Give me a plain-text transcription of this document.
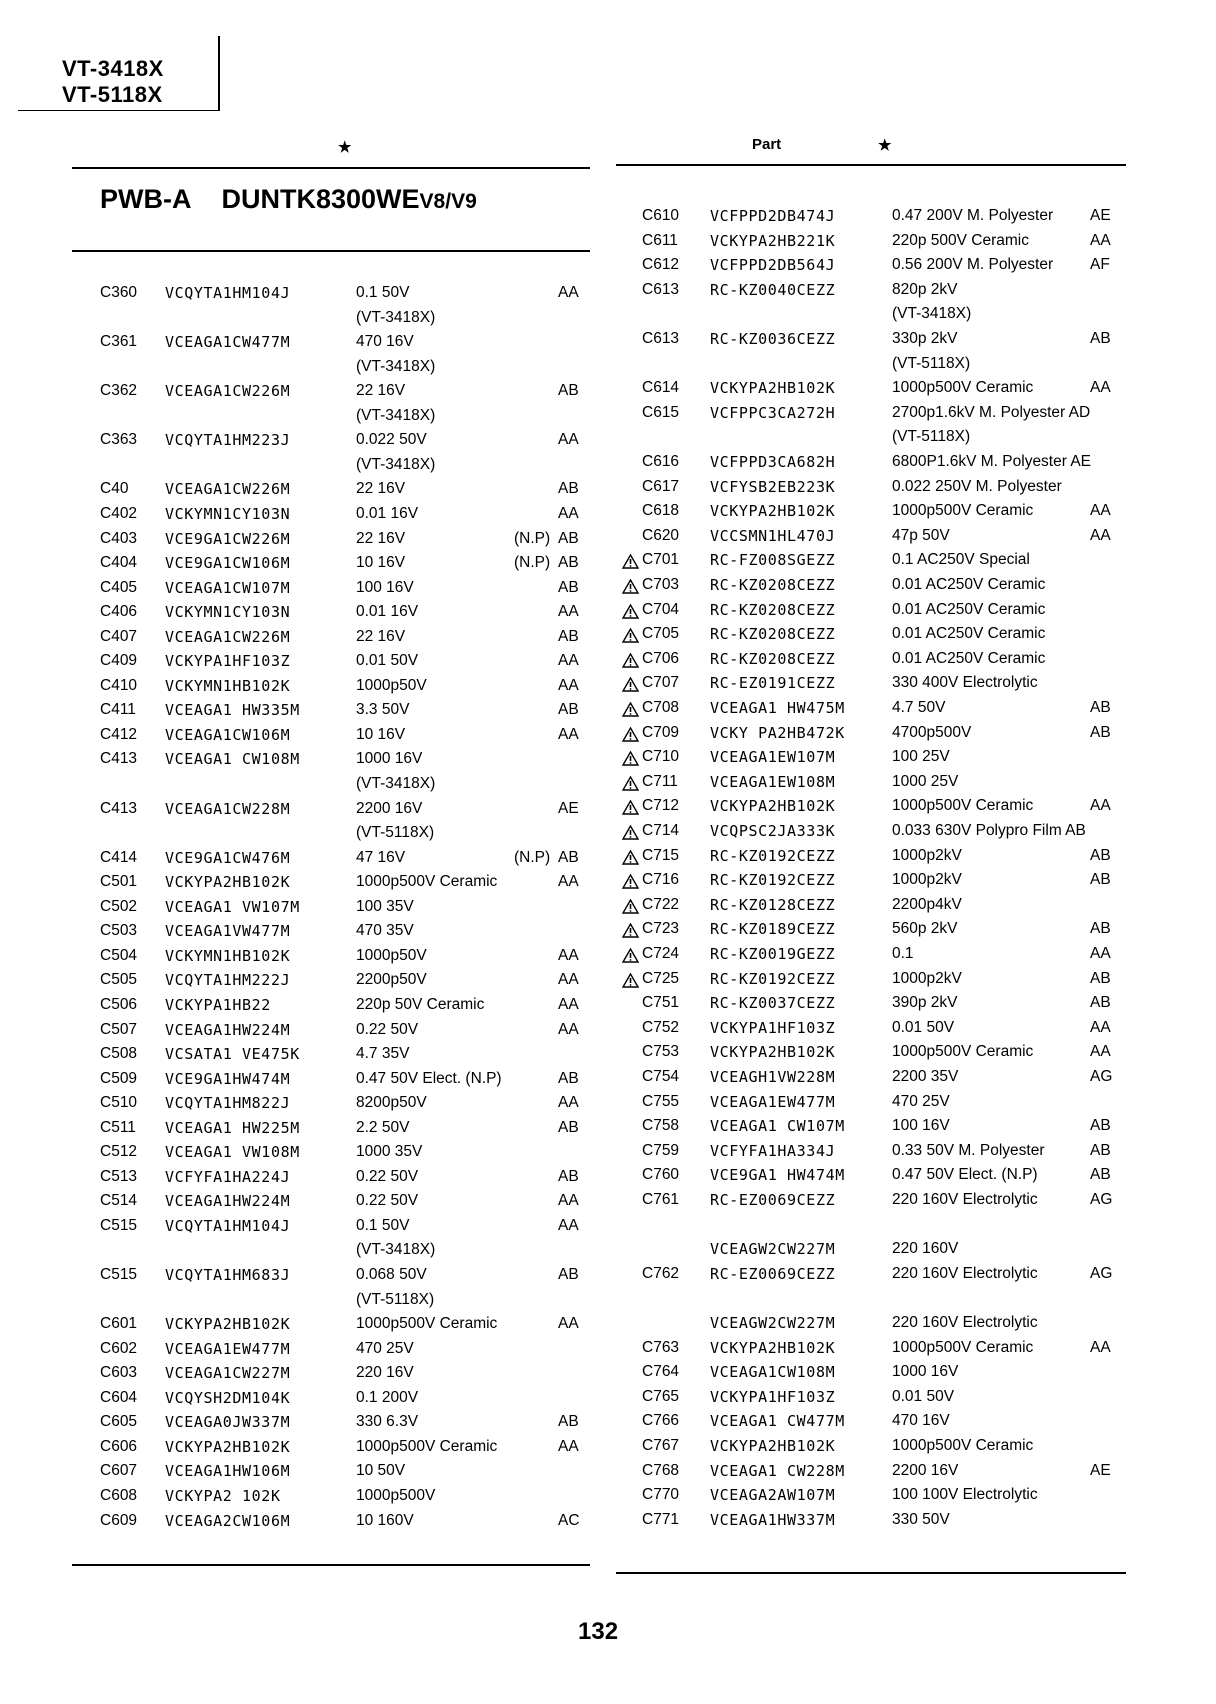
VT-3418X
VT-5118X
★	Part	★
PWB-A DUNTK8300WEV8/V9
C360 VCQYTA1HM104J	0.1 50V	AA
(VT-3418X)
C361 VCEAGA1CW477M	470 16V
(VT-3418X)
C362 VCEAGA1CW226M	22 16V	AB
(VT-3418X)
C363 VCQYTA1HM223J	0.022 50V	AA
(VT-3418X)
C40 VCEAGA1CW226M	22 16V	AB
C402 VCKYMN1CY103N	0.01 16V	AA
C403 VCE9GA1CW226M	22 16V	(N.P) AB
C404 VCE9GA1CW106M	10 16V	(N.P) AB
C405 VCEAGA1CW107M	100 16V	AB
C406 VCKYMN1CY103N	0.01 16V	AA
C407 VCEAGA1CW226M	22 16V	AB
C409 VCKYPA1HF103Z	0.01 50V	AA
C410 VCKYMN1HB102K	1000p50V	AA
C411 VCEAGA1 HW335M	3.3 50V	AB
C412 VCEAGA1CW106M	10 16V	AA
C413 VCEAGA1 CW108M	1000 16V
(VT-3418X)
C413 VCEAGA1CW228M	2200 16V	AE
(VT-5118X)
C414 VCE9GA1CW476M	47 16V	(N.P) AB
C501 VCKYPA2HB102K	1000p500V Ceramic	AA
C502 VCEAGA1 VW107M	100 35V
C503 VCEAGA1VW477M	470 35V
C504 VCKYMN1HB102K	1000p50V	AA
C505 VCQYTA1HM222J	2200p50V	AA
C506 VCKYPA1HB22	220p 50V Ceramic	AA
C507 VCEAGA1HW224M	0.22 50V	AA
C508 VCSATA1 VE475K	4.7 35V
C509 VCE9GA1HW474M	0.47 50V Elect. (N.P)	AB
C510 VCQYTA1HM822J	8200p50V	AA
C511 VCEAGA1 HW225M	2.2 50V	AB
C512 VCEAGA1 VW108M	1000 35V
C513 VCFYFA1HA224J	0.22 50V	AB
C514 VCEAGA1HW224M	0.22 50V	AA
C515 VCQYTA1HM104J	0.1 50V	AA
(VT-3418X)
C515 VCQYTA1HM683J	0.068 50V	AB
(VT-5118X)
C601 VCKYPA2HB102K	1000p500V Ceramic	AA
C602 VCEAGA1EW477M	470 25V
C603 VCEAGA1CW227M	220 16V
C604 VCQYSH2DM104K	0.1 200V
C605 VCEAGA0JW337M	330 6.3V	AB
C606 VCKYPA2HB102K	1000p500V Ceramic	AA
C607 VCEAGA1HW106M	10 50V
C608 VCKYPA2 102K	1000p500V
C609 VCEAGA2CW106M	10 160V	AC
C610 VCFPPD2DB474J	0.47 200V M. Polyester AE
C611 VCKYPA2HB221K	220p 500V Ceramic	AA
C612 VCFPPD2DB564J	0.56 200V M. Polyester AF
C613 RC-KZ0040CEZZ	820p 2kV
(VT-3418X)
C613 RC-KZ0036CEZZ	330p 2kV	AB
(VT-5118X)
C614 VCKYPA2HB102K	1000p500V Ceramic	AA
C615 VCFPPC3CA272H	2700p1.6kV M. Polyester AD
(VT-5118X)
C616 VCFPPD3CA682H	6800P1.6kV M. Polyester AE
C617 VCFYSB2EB223K	0.022 250V M. Polyester
C618 VCKYPA2HB102K	1000p500V Ceramic	AA
C620 VCCSMN1HL470J	47p 50V	AA
C701 RC-FZ008SGEZZ	0.1 AC250V Special
C703 RC-KZ0208CEZZ	0.01 AC250V Ceramic
C704 RC-KZ0208CEZZ	0.01 AC250V Ceramic
C705 RC-KZ0208CEZZ	0.01 AC250V Ceramic
C706 RC-KZ0208CEZZ	0.01 AC250V Ceramic
C707 RC-EZ0191CEZZ	330 400V Electrolytic
C708 VCEAGA1 HW475M	4.7 50V	AB
C709 VCKY PA2HB472K	4700p500V	AB
C710 VCEAGA1EW107M	100 25V
C711 VCEAGA1EW108M	1000 25V
C712 VCKYPA2HB102K	1000p500V Ceramic	AA
C714 VCQPSC2JA333K	0.033 630V Polypro Film AB
C715 RC-KZ0192CEZZ	1000p2kV	AB
C716 RC-KZ0192CEZZ	1000p2kV	AB
C722 RC-KZ0128CEZZ	2200p4kV
C723 RC-KZ0189CEZZ	560p 2kV	AB
C724 RC-KZ0019GEZZ	0.1	AA
C725 RC-KZ0192CEZZ	1000p2kV	AB
C751 RC-KZ0037CEZZ	390p 2kV	AB
C752 VCKYPA1HF103Z	0.01 50V	AA
C753 VCKYPA2HB102K	1000p500V Ceramic	AA
C754 VCEAGH1VW228M	2200 35V	AG
C755 VCEAGA1EW477M	470 25V
C758 VCEAGA1 CW107M	100 16V	AB
C759 VCFYFA1HA334J	0.33 50V M. Polyester	AB
C760 VCE9GA1 HW474M	0.47 50V Elect. (N.P)	AB
C761 RC-EZ0069CEZZ	220 160V Electrolytic	AG
VCEAGW2CW227M	220 160V
C762 RC-EZ0069CEZZ	220 160V Electrolytic	AG
VCEAGW2CW227M	220 160V Electrolytic
C763 VCKYPA2HB102K	1000p500V Ceramic	AA
C764 VCEAGA1CW108M	1000 16V
C765 VCKYPA1HF103Z	0.01 50V
C766 VCEAGA1 CW477M	470 16V
C767 VCKYPA2HB102K	1000p500V Ceramic
C768 VCEAGA1 CW228M	2200 16V	AE
C770 VCEAGA2AW107M	100 100V Electrolytic
C771 VCEAGA1HW337M	330 50V
132
